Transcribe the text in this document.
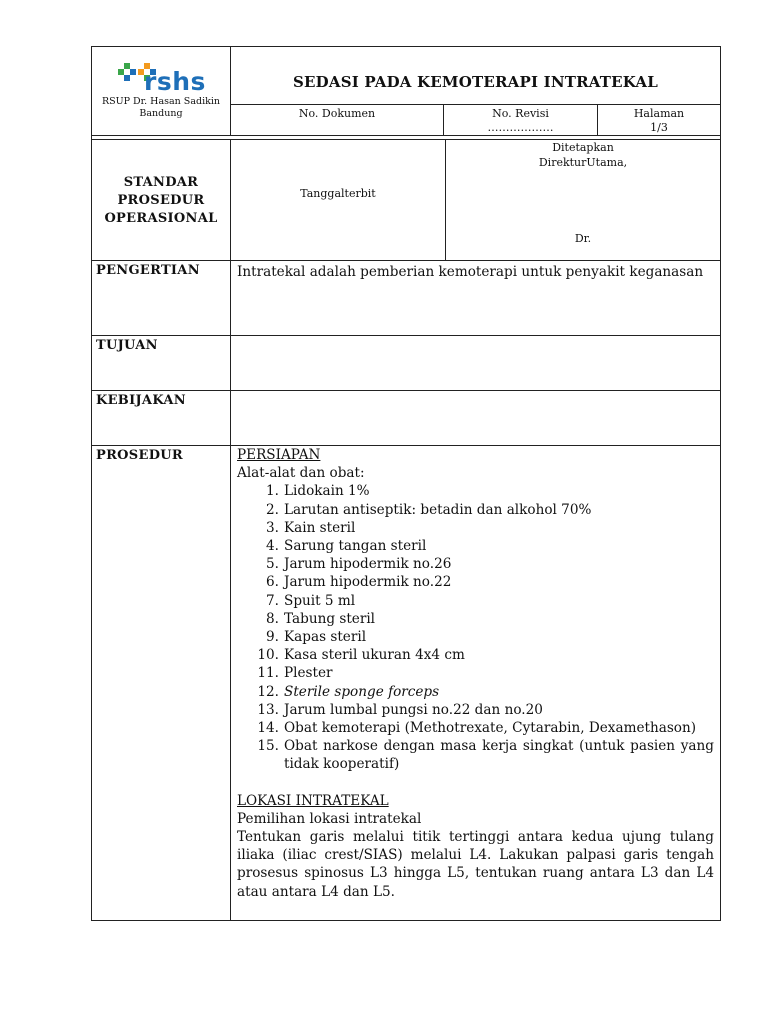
rshs
RSUP Dr. Hasan Sadikin
Bandung
SEDASI PADA KEMOTERAPI INTRATEKAL
No. Dokumen	No. Revisi
………………
Halaman
1/3
STANDAR
PROSEDUR
OPERASIONAL
Tanggalterbit
Ditetapkan
DirekturUtama,
Dr.
PENGERTIAN
TUJUAN
KEBIJAKAN
PROSEDUR
Intratekal adalah pemberian kemoterapi untuk penyakit keganasan
PERSIAPAN
Alat-alat dan obat:
1. Lidokain 1%
2. Larutan antiseptik: betadin dan alkohol 70%
3. Kain steril
4. Sarung tangan steril
5. Jarum hipodermik no.26
6. Jarum hipodermik no.22
7. Spuit 5 ml
8. Tabung steril
9. Kapas steril
10. Kasa steril ukuran 4x4 cm
11. Plester
12. Sterile sponge forceps
13. Jarum lumbal pungsi no.22 dan no.20
14. Obat kemoterapi (Methotrexate, Cytarabin, Dexamethason)
15. Obat narkose dengan masa kerja singkat (untuk pasien yang tidak kooperatif)
LOKASI INTRATEKAL
Pemilihan lokasi intratekal
Tentukan garis melalui titik tertinggi antara kedua ujung tulang iliaka (iliac crest/SIAS) melalui L4. Lakukan palpasi garis tengah prosesus spinosus L3 hingga L5, tentukan ruang antara L3 dan L4 atau antara L4 dan L5.
